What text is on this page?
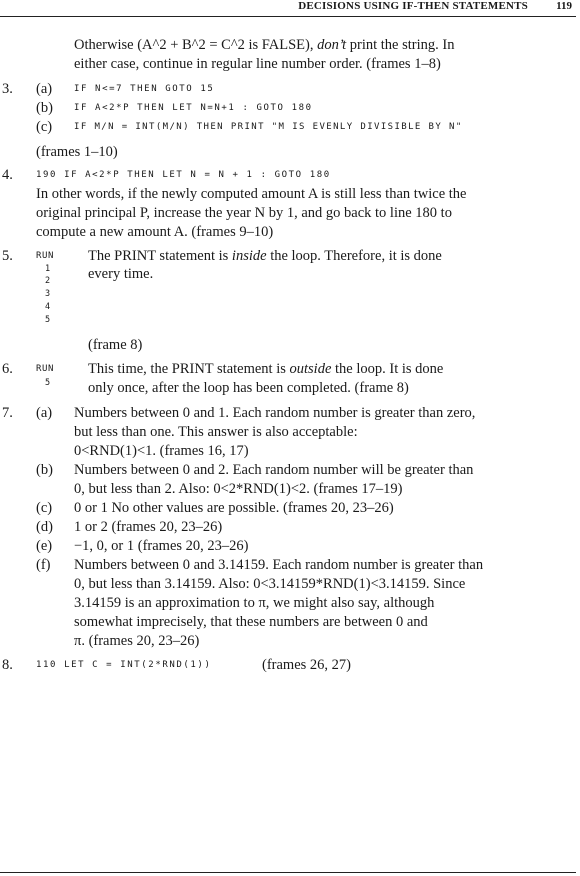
DECISIONS USING IF-THEN STATEMENTS	119
Otherwise (A^2 + B^2 = C^2 is FALSE), don’t print the string. In
either case, continue in regular line number order. (frames 1–8)
3. (a) IF N<=7 THEN GOTO 15
(b) IF A<2*P THEN LET N=N+1 : GOTO 180
(c) IF M/N = INT(M/N) THEN PRINT "M IS EVENLY DIVISIBLE BY N"
(frames 1–10)
4.	190 IF A<2*P THEN LET N = N + 1 : GOTO 180
In other words, if the newly computed amount A is still less than twice the
original principal P, increase the year N by 1, and go back to line 180 to
compute a new amount A. (frames 9–10)
5.	RUN
1
2
3
4
5
The PRINT statement is inside the loop. Therefore, it is done
every time.
(frame 8)
6.	RUN
5
This time, the PRINT statement is outside the loop. It is done
only once, after the loop has been completed. (frame 8)
7. (a) Numbers between 0 and 1. Each random number is greater than zero,
but less than one. This answer is also acceptable:
0<RND(1)<1. (frames 16, 17)
(b) Numbers between 0 and 2. Each random number will be greater than
0, but less than 2. Also: 0<2*RND(1)<2. (frames 17–19)
(c) 0 or 1 No other values are possible. (frames 20, 23–26)
(d) 1 or 2 (frames 20, 23–26)
(e) −1, 0, or 1 (frames 20, 23–26)
(f) Numbers between 0 and 3.14159. Each random number is greater than
0, but less than 3.14159. Also: 0<3.14159*RND(1)<3.14159. Since
3.14159 is an approximation to π, we might also say, although
somewhat imprecisely, that these numbers are between 0 and
π. (frames 20, 23–26)
8.	110 LET C = INT(2*RND(1))	(frames 26, 27)
